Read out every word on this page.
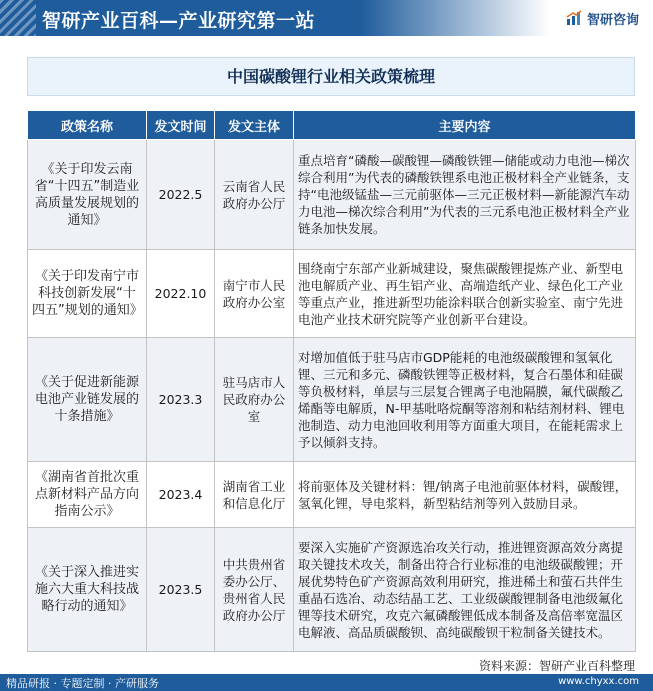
智研产业百科—产业研究第一站	智研咨询
中国碳酸锂行业相关政策梳理
政策名称	发文时间	发文主体	主要内容
《关于印发云南省“十四五”制造业高质量发展规划的通知》	2022.5	云南省人民政府办公厅	重点培育“磷酸—碳酸锂—磷酸铁锂—储能或动力电池—梯次综合利用”为代表的磷酸铁锂系电池正极材料全产业链条，支持“电池级锰盐—三元前驱体—三元正极材料—新能源汽车动力电池—梯次综合利用”为代表的三元系电池正极材料全产业链条加快发展。
《关于印发南宁市科技创新发展“十四五”规划的通知》	2022.10	南宁市人民政府办公室	围绕南宁东部产业新城建设，聚焦碳酸锂提炼产业、新型电池电解质产业、再生铝产业、高端造纸产业、绿色化工产业等重点产业，推进新型功能涂料联合创新实验室、南宁先进电池产业技术研究院等产业创新平台建设。
《关于促进新能源电池产业链发展的十条措施》	2023.3	驻马店市人民政府办公室	对增加值低于驻马店市GDP能耗的电池级碳酸锂和氢氧化锂、三元和多元、磷酸铁锂等正极材料，复合石墨体和硅碳等负极材料，单层与三层复合锂离子电池隔膜，氟代碳酸乙烯酯等电解质，N-甲基吡咯烷酮等溶剂和粘结剂材料、锂电池制造、动力电池回收利用等方面重大项目，在能耗需求上予以倾斜支持。
《湖南省首批次重点新材料产品方向指南公示》	2023.4	湖南省工业和信息化厅	将前驱体及关键材料：锂/钠离子电池前驱体材料，碳酸锂，氢氧化锂，导电浆料，新型粘结剂等列入鼓励目录。
《关于深入推进实施六大重大科技战略行动的通知》	2023.5	中共贵州省委办公厅、贵州省人民政府办公厅	要深入实施矿产资源选冶攻关行动，推进锂资源高效分离提取关键技术攻关，制备出符合行业标准的电池级碳酸锂；开展优势特色矿产资源高效利用研究，推进稀土和萤石共伴生重晶石选冶、动态结晶工艺、工业级碳酸锂制备电池级氟化锂等技术研究，攻克六氟磷酸锂低成本制备及高倍率宽温区电解液、高品质碳酸钡、高纯碳酸钡干粒制备关键技术。
资料来源：智研产业百科整理
精品研报 · 专题定制 · 产研服务	www.chyxx.com
